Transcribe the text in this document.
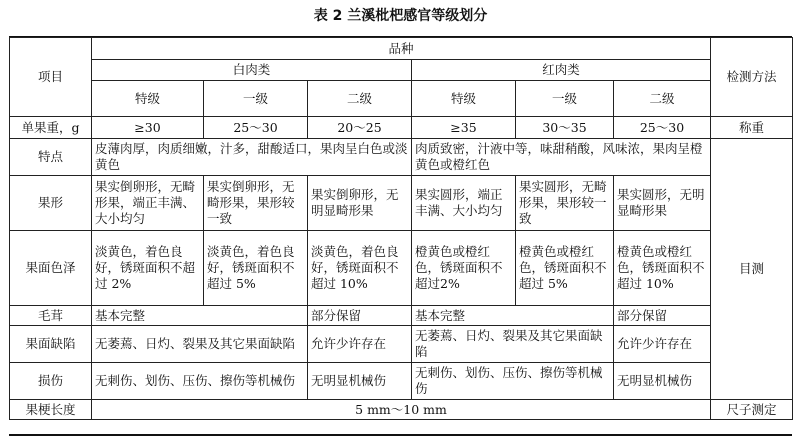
表 2 兰溪枇杷感官等级划分
项目	品种						检测方法
	白肉类			红肉类			
	特级	一级	二级	特级	一级	二级	
单果重，g	≥30	25～30	20～25	≥35	30～35	25～30	称重
特点	皮薄肉厚，肉质细嫩，汁多，甜酸适口，果肉呈白色或淡黄色			肉质致密，汁液中等，味甜稍酸，风味浓，果肉呈橙黄色或橙红色			目测
果形	果实倒卵形，无畸形果，端正丰满、大小均匀	果实倒卵形，无畸形果，果形较一致	果实倒卵形，无明显畸形果	果实圆形，端正丰满、大小均匀	果实圆形，无畸形果，果形较一致	果实圆形，无明显畸形果	
果面色泽	淡黄色，着色良好，锈斑面积不超过 2%	淡黄色，着色良好，锈斑面积不超过 5%	淡黄色，着色良好，锈斑面积不超过 10%	橙黄色或橙红色，锈斑面积不超过2%	橙黄色或橙红色，锈斑面积不超过 5%	橙黄色或橙红色，锈斑面积不超过 10%	
毛茸	基本完整		部分保留	基本完整		部分保留	
果面缺陷	无萎蔫、日灼、裂果及其它果面缺陷		允许少许存在	无萎蔫、日灼、裂果及其它果面缺陷		允许少许存在	
损伤	无刺伤、划伤、压伤、擦伤等机械伤		无明显机械伤	无刺伤、划伤、压伤、擦伤等机械伤		无明显机械伤	
果梗长度	5 mm～10 mm						尺子测定
